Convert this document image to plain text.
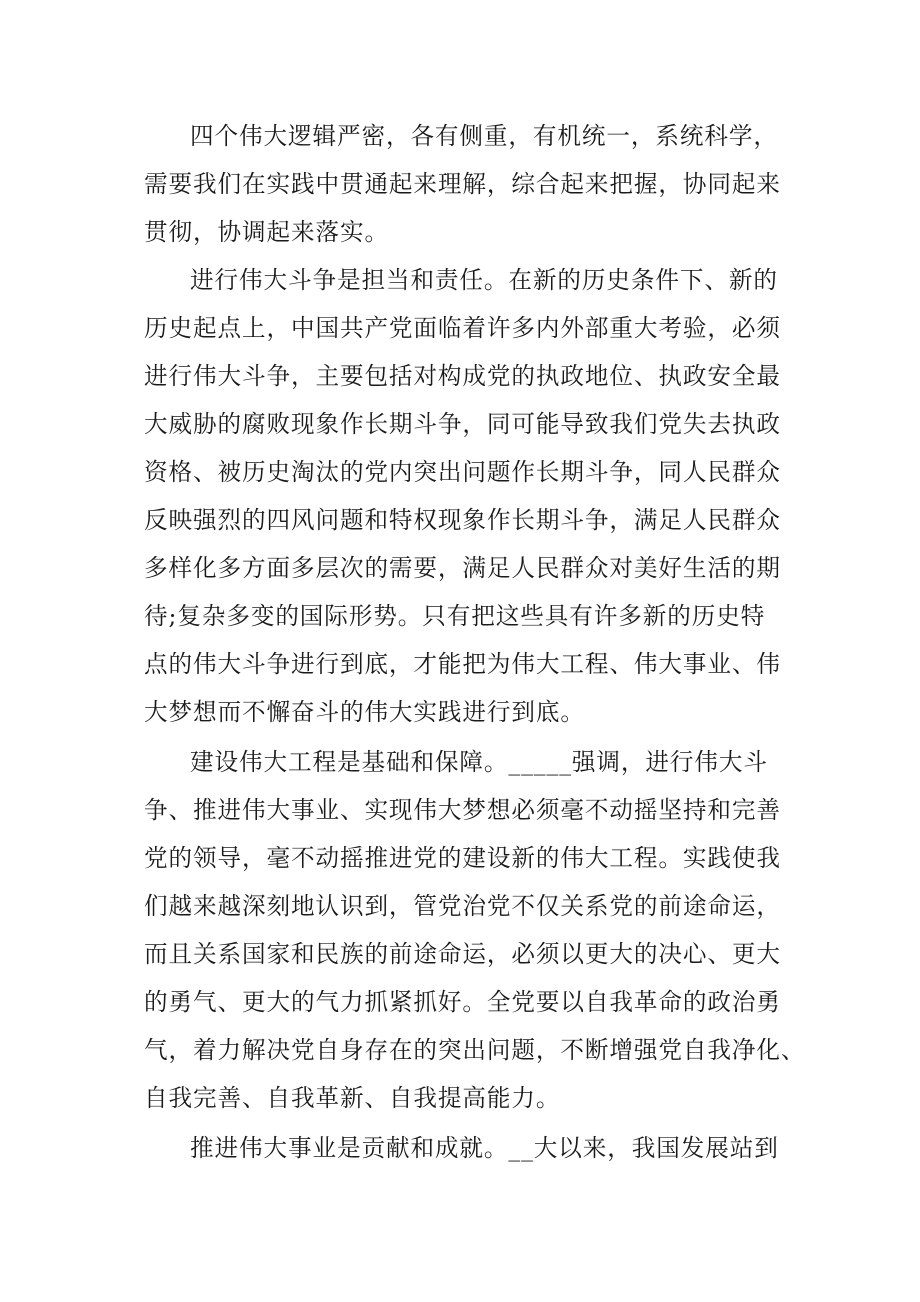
四个伟大逻辑严密，各有侧重，有机统一，系统科学，
需要我们在实践中贯通起来理解，综合起来把握，协同起来
贯彻，协调起来落实。
进行伟大斗争是担当和责任。在新的历史条件下、新的
历史起点上，中国共产党面临着许多内外部重大考验，必须
进行伟大斗争，主要包括对构成党的执政地位、执政安全最
大威胁的腐败现象作长期斗争，同可能导致我们党失去执政
资格、被历史淘汰的党内突出问题作长期斗争，同人民群众
反映强烈的四风问题和特权现象作长期斗争，满足人民群众
多样化多方面多层次的需要，满足人民群众对美好生活的期
待;复杂多变的国际形势。只有把这些具有许多新的历史特
点的伟大斗争进行到底，才能把为伟大工程、伟大事业、伟
大梦想而不懈奋斗的伟大实践进行到底。
建设伟大工程是基础和保障。_____强调，进行伟大斗
争、推进伟大事业、实现伟大梦想必须毫不动摇坚持和完善
党的领导，毫不动摇推进党的建设新的伟大工程。实践使我
们越来越深刻地认识到，管党治党不仅关系党的前途命运，
而且关系国家和民族的前途命运，必须以更大的决心、更大
的勇气、更大的气力抓紧抓好。全党要以自我革命的政治勇
气，着力解决党自身存在的突出问题，不断增强党自我净化、
自我完善、自我革新、自我提高能力。
推进伟大事业是贡献和成就。__大以来，我国发展站到
